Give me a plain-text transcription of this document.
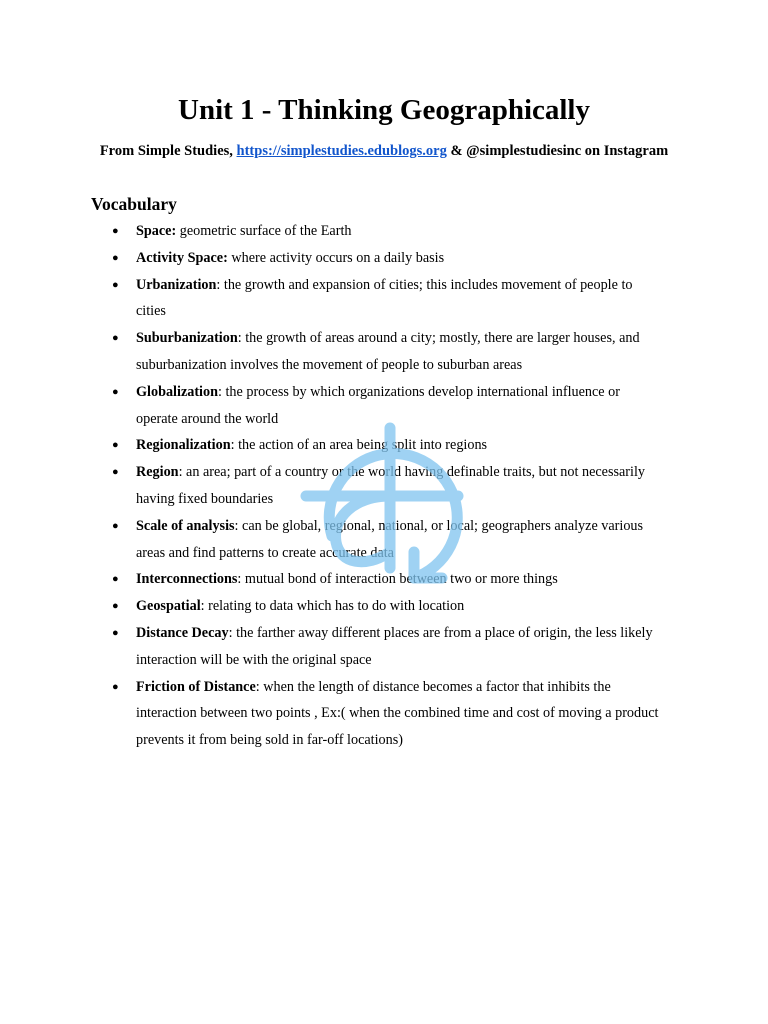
Unit 1 - Thinking Geographically

From Simple Studies, https://simplestudies.edublogs.org & @simplestudiesinc on Instagram

Vocabulary
● Space: geometric surface of the Earth
● Activity Space: where activity occurs on a daily basis
● Urbanization: the growth and expansion of cities; this includes movement of people to cities
● Suburbanization: the growth of areas around a city; mostly, there are larger houses, and suburbanization involves the movement of people to suburban areas
● Globalization: the process by which organizations develop international influence or operate around the world
● Regionalization: the action of an area being split into regions
● Region: an area; part of a country or the world having definable traits, but not necessarily having fixed boundaries
● Scale of analysis: can be global, regional, national, or local; geographers analyze various areas and find patterns to create accurate data
● Interconnections: mutual bond of interaction between two or more things
● Geospatial: relating to data which has to do with location
● Distance Decay: the farther away different places are from a place of origin, the less likely interaction will be with the original space
● Friction of Distance: when the length of distance becomes a factor that inhibits the interaction between two points , Ex:( when the combined time and cost of moving a product prevents it from being sold in far-off locations)
